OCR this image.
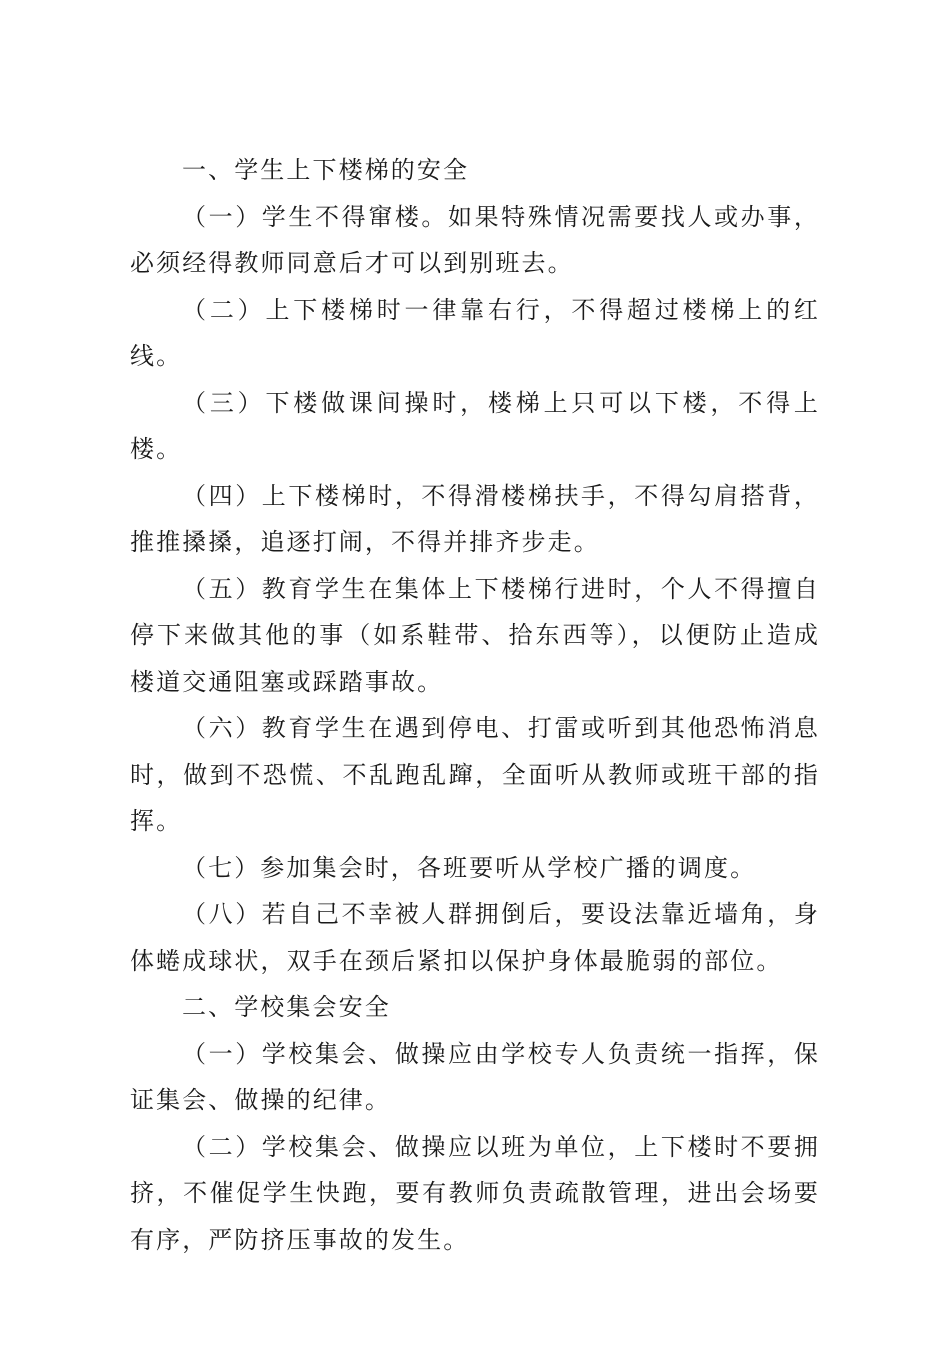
一、学生上下楼梯的安全

（一）学生不得窜楼。如果特殊情况需要找人或办事，必须经得教师同意后才可以到别班去。

（二）上下楼梯时一律靠右行，不得超过楼梯上的红线。

（三）下楼做课间操时，楼梯上只可以下楼，不得上楼。

（四）上下楼梯时，不得滑楼梯扶手，不得勾肩搭背，推推搡搡，追逐打闹，不得并排齐步走。

（五）教育学生在集体上下楼梯行进时，个人不得擅自停下来做其他的事（如系鞋带、拾东西等），以便防止造成楼道交通阻塞或踩踏事故。

（六）教育学生在遇到停电、打雷或听到其他恐怖消息时，做到不恐慌、不乱跑乱蹿，全面听从教师或班干部的指挥。

（七）参加集会时，各班要听从学校广播的调度。

（八）若自己不幸被人群拥倒后，要设法靠近墙角，身体蜷成球状，双手在颈后紧扣以保护身体最脆弱的部位。

二、学校集会安全

（一）学校集会、做操应由学校专人负责统一指挥，保证集会、做操的纪律。

（二）学校集会、做操应以班为单位，上下楼时不要拥挤，不催促学生快跑，要有教师负责疏散管理，进出会场要有序，严防挤压事故的发生。
